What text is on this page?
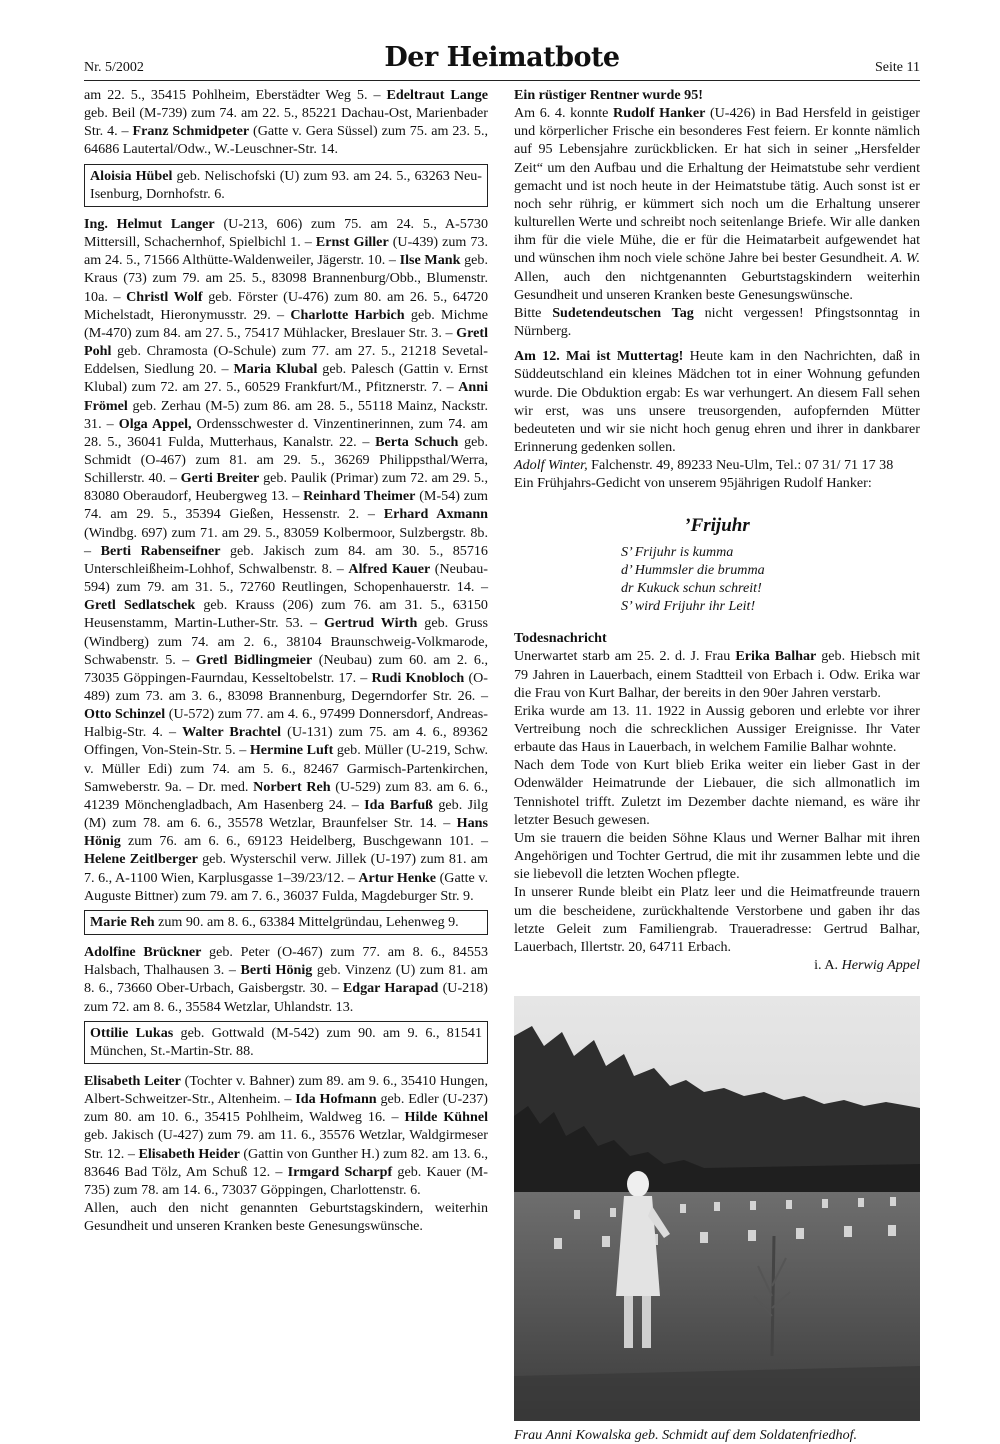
Nr. 5/2002	Der Heimatbote	Seite 11

am 22. 5., 35415 Pohlheim, Eberstädter Weg 5. – Edeltraut Lange geb. Beil (M-739) zum 74. am 22. 5., 85221 Dachau-Ost, Marienbader Str. 4. – Franz Schmidpeter (Gatte v. Gera Süssel) zum 75. am 23. 5., 64686 Lautertal/Odw., W.-Leuschner-Str. 14.

Aloisia Hübel geb. Nelischofski (U) zum 93. am 24. 5., 63263 Neu-Isenburg, Dornhofstr. 6.

Ing. Helmut Langer (U-213, 606) zum 75. am 24. 5., A-5730 Mittersill, Schachernhof, Spielbichl 1. – Ernst Giller (U-439) zum 73. am 24. 5., 71566 Althütte-Waldenweiler, Jägerstr. 10. – Ilse Mank geb. Kraus (73) zum 79. am 25. 5., 83098 Brannenburg/Obb., Blumenstr. 10a. – Christl Wolf geb. Förster (U-476) zum 80. am 26. 5., 64720 Michelstadt, Hieronymusstr. 29. – Charlotte Harbich geb. Michme (M-470) zum 84. am 27. 5., 75417 Mühlacker, Breslauer Str. 3. – Gretl Pohl geb. Chramosta (O-Schule) zum 77. am 27. 5., 21218 Sevetal-Eddelsen, Siedlung 20. – Maria Klubal geb. Palesch (Gattin v. Ernst Klubal) zum 72. am 27. 5., 60529 Frankfurt/M., Pfitznerstr. 7. – Anni Frömel geb. Zerhau (M-5) zum 86. am 28. 5., 55118 Mainz, Nackstr. 31. – Olga Appel, Ordensschwester d. Vinzentinerinnen, zum 74. am 28. 5., 36041 Fulda, Mutterhaus, Kanalstr. 22. – Berta Schuch geb. Schmidt (O-467) zum 81. am 29. 5., 36269 Philippsthal/Werra, Schillerstr. 40. – Gerti Breiter geb. Paulik (Primar) zum 72. am 29. 5., 83080 Oberaudorf, Heubergweg 13. – Reinhard Theimer (M-54) zum 74. am 29. 5., 35394 Gießen, Hessenstr. 2. – Erhard Axmann (Windbg. 697) zum 71. am 29. 5., 83059 Kolbermoor, Sulzbergstr. 8b. – Berti Rabenseifner geb. Jakisch zum 84. am 30. 5., 85716 Unterschleißheim-Lohhof, Schwalbenstr. 8. – Alfred Kauer (Neubau-594) zum 79. am 31. 5., 72760 Reutlingen, Schopenhauerstr. 14. – Gretl Sedlatschek geb. Krauss (206) zum 76. am 31. 5., 63150 Heusenstamm, Martin-Luther-Str. 53. – Gertrud Wirth geb. Gruss (Windberg) zum 74. am 2. 6., 38104 Braunschweig-Volkmarode, Schwabenstr. 5. – Gretl Bidlingmeier (Neubau) zum 60. am 2. 6., 73035 Göppingen-Faurndau, Kesseltobelstr. 17. – Rudi Knobloch (O-489) zum 73. am 3. 6., 83098 Brannenburg, Degerndorfer Str. 26. – Otto Schinzel (U-572) zum 77. am 4. 6., 97499 Donnersdorf, Andreas-Halbig-Str. 4. – Walter Brachtel (U-131) zum 75. am 4. 6., 89362 Offingen, Von-Stein-Str. 5. – Hermine Luft geb. Müller (U-219, Schw. v. Müller Edi) zum 74. am 5. 6., 82467 Garmisch-Partenkirchen, Samweberstr. 9a. – Dr. med. Norbert Reh (U-529) zum 83. am 6. 6., 41239 Mönchengladbach, Am Hasenberg 24. – Ida Barfuß geb. Jilg (M) zum 78. am 6. 6., 35578 Wetzlar, Braunfelser Str. 14. – Hans Hönig zum 76. am 6. 6., 69123 Heidelberg, Buschgewann 101. – Helene Zeitlberger geb. Wysterschil verw. Jillek (U-197) zum 81. am 7. 6., A-1100 Wien, Karplusgasse 1–39/23/12. – Artur Henke (Gatte v. Auguste Bittner) zum 79. am 7. 6., 36037 Fulda, Magdeburger Str. 9.

Marie Reh zum 90. am 8. 6., 63384 Mittelgründau, Lehenweg 9.

Adolfine Brückner geb. Peter (O-467) zum 77. am 8. 6., 84553 Halsbach, Thalhausen 3. – Berti Hönig geb. Vinzenz (U) zum 81. am 8. 6., 73660 Ober-Urbach, Gaisbergstr. 30. – Edgar Harapad (U-218) zum 72. am 8. 6., 35584 Wetzlar, Uhlandstr. 13.

Ottilie Lukas geb. Gottwald (M-542) zum 90. am 9. 6., 81541 München, St.-Martin-Str. 88.

Elisabeth Leiter (Tochter v. Bahner) zum 89. am 9. 6., 35410 Hungen, Albert-Schweitzer-Str., Altenheim. – Ida Hofmann geb. Edler (U-237) zum 80. am 10. 6., 35415 Pohlheim, Waldweg 16. – Hilde Kühnel geb. Jakisch (U-427) zum 79. am 11. 6., 35576 Wetzlar, Waldgirmeser Str. 12. – Elisabeth Heider (Gattin von Gunther H.) zum 82. am 13. 6., 83646 Bad Tölz, Am Schuß 12. – Irmgard Scharpf geb. Kauer (M-735) zum 78. am 14. 6., 73037 Göppingen, Charlottenstr. 6.

Allen, auch den nicht genannten Geburtstagskindern, weiterhin Gesundheit und unseren Kranken beste Genesungswünsche.

Ein rüstiger Rentner wurde 95!

Am 6. 4. konnte Rudolf Hanker (U-426) in Bad Hersfeld in geistiger und körperlicher Frische ein besonderes Fest feiern. Er konnte nämlich auf 95 Lebensjahre zurückblicken. Er hat sich in seiner „Hersfelder Zeit“ um den Aufbau und die Erhaltung der Heimatstube sehr verdient gemacht und ist noch heute in der Heimatstube tätig. Auch sonst ist er noch sehr rührig, er kümmert sich noch um die Erhaltung unserer kulturellen Werte und schreibt noch seitenlange Briefe. Wir alle danken ihm für die viele Mühe, die er für die Heimatarbeit aufgewendet hat und wünschen ihm noch viele schöne Jahre bei bester Gesundheit. A. W.

Allen, auch den nichtgenannten Geburtstagskindern weiterhin Gesundheit und unseren Kranken beste Genesungswünsche.

Bitte Sudetendeutschen Tag nicht vergessen! Pfingstsonntag in Nürnberg.

Am 12. Mai ist Muttertag! Heute kam in den Nachrichten, daß in Süddeutschland ein kleines Mädchen tot in einer Wohnung gefunden wurde. Die Obduktion ergab: Es war verhungert. An diesem Fall sehen wir erst, was uns unsere treusorgenden, aufopfernden Mütter bedeuteten und wir sie nicht hoch genug ehren und ihrer in dankbarer Erinnerung gedenken sollen.

Adolf Winter, Falchenstr. 49, 89233 Neu-Ulm, Tel.: 07 31/ 71 17 38

Ein Frühjahrs-Gedicht von unserem 95jährigen Rudolf Hanker:

’Frijuhr
S’ Frijuhr is kumma
d’ Hummsler die brumma
dr Kukuck schun schreit!
S’ wird Frijuhr ihr Leit!

Todesnachricht

Unerwartet starb am 25. 2. d. J. Frau Erika Balhar geb. Hiebsch mit 79 Jahren in Lauerbach, einem Stadtteil von Erbach i. Odw. Erika war die Frau von Kurt Balhar, der bereits in den 90er Jahren verstarb.

Erika wurde am 13. 11. 1922 in Aussig geboren und erlebte vor ihrer Vertreibung noch die schrecklichen Aussiger Ereignisse. Ihr Vater erbaute das Haus in Lauerbach, in welchem Familie Balhar wohnte.

Nach dem Tode von Kurt blieb Erika weiter ein lieber Gast in der Odenwälder Heimatrunde der Liebauer, die sich allmonatlich im Tennishotel trifft. Zuletzt im Dezember dachte niemand, es wäre ihr letzter Besuch gewesen.

Um sie trauern die beiden Söhne Klaus und Werner Balhar mit ihren Angehörigen und Tochter Gertrud, die mit ihr zusammen lebte und die sie liebevoll die letzten Wochen pflegte.

In unserer Runde bleibt ein Platz leer und die Heimatfreunde trauern um die bescheidene, zurückhaltende Verstorbene und gaben ihr das letzte Geleit zum Familiengrab. Traueradresse: Gertrud Balhar, Lauerbach, Illertstr. 20, 64711 Erbach.

i. A. Herwig Appel

Frau Anni Kowalska geb. Schmidt auf dem Soldatenfriedhof.
